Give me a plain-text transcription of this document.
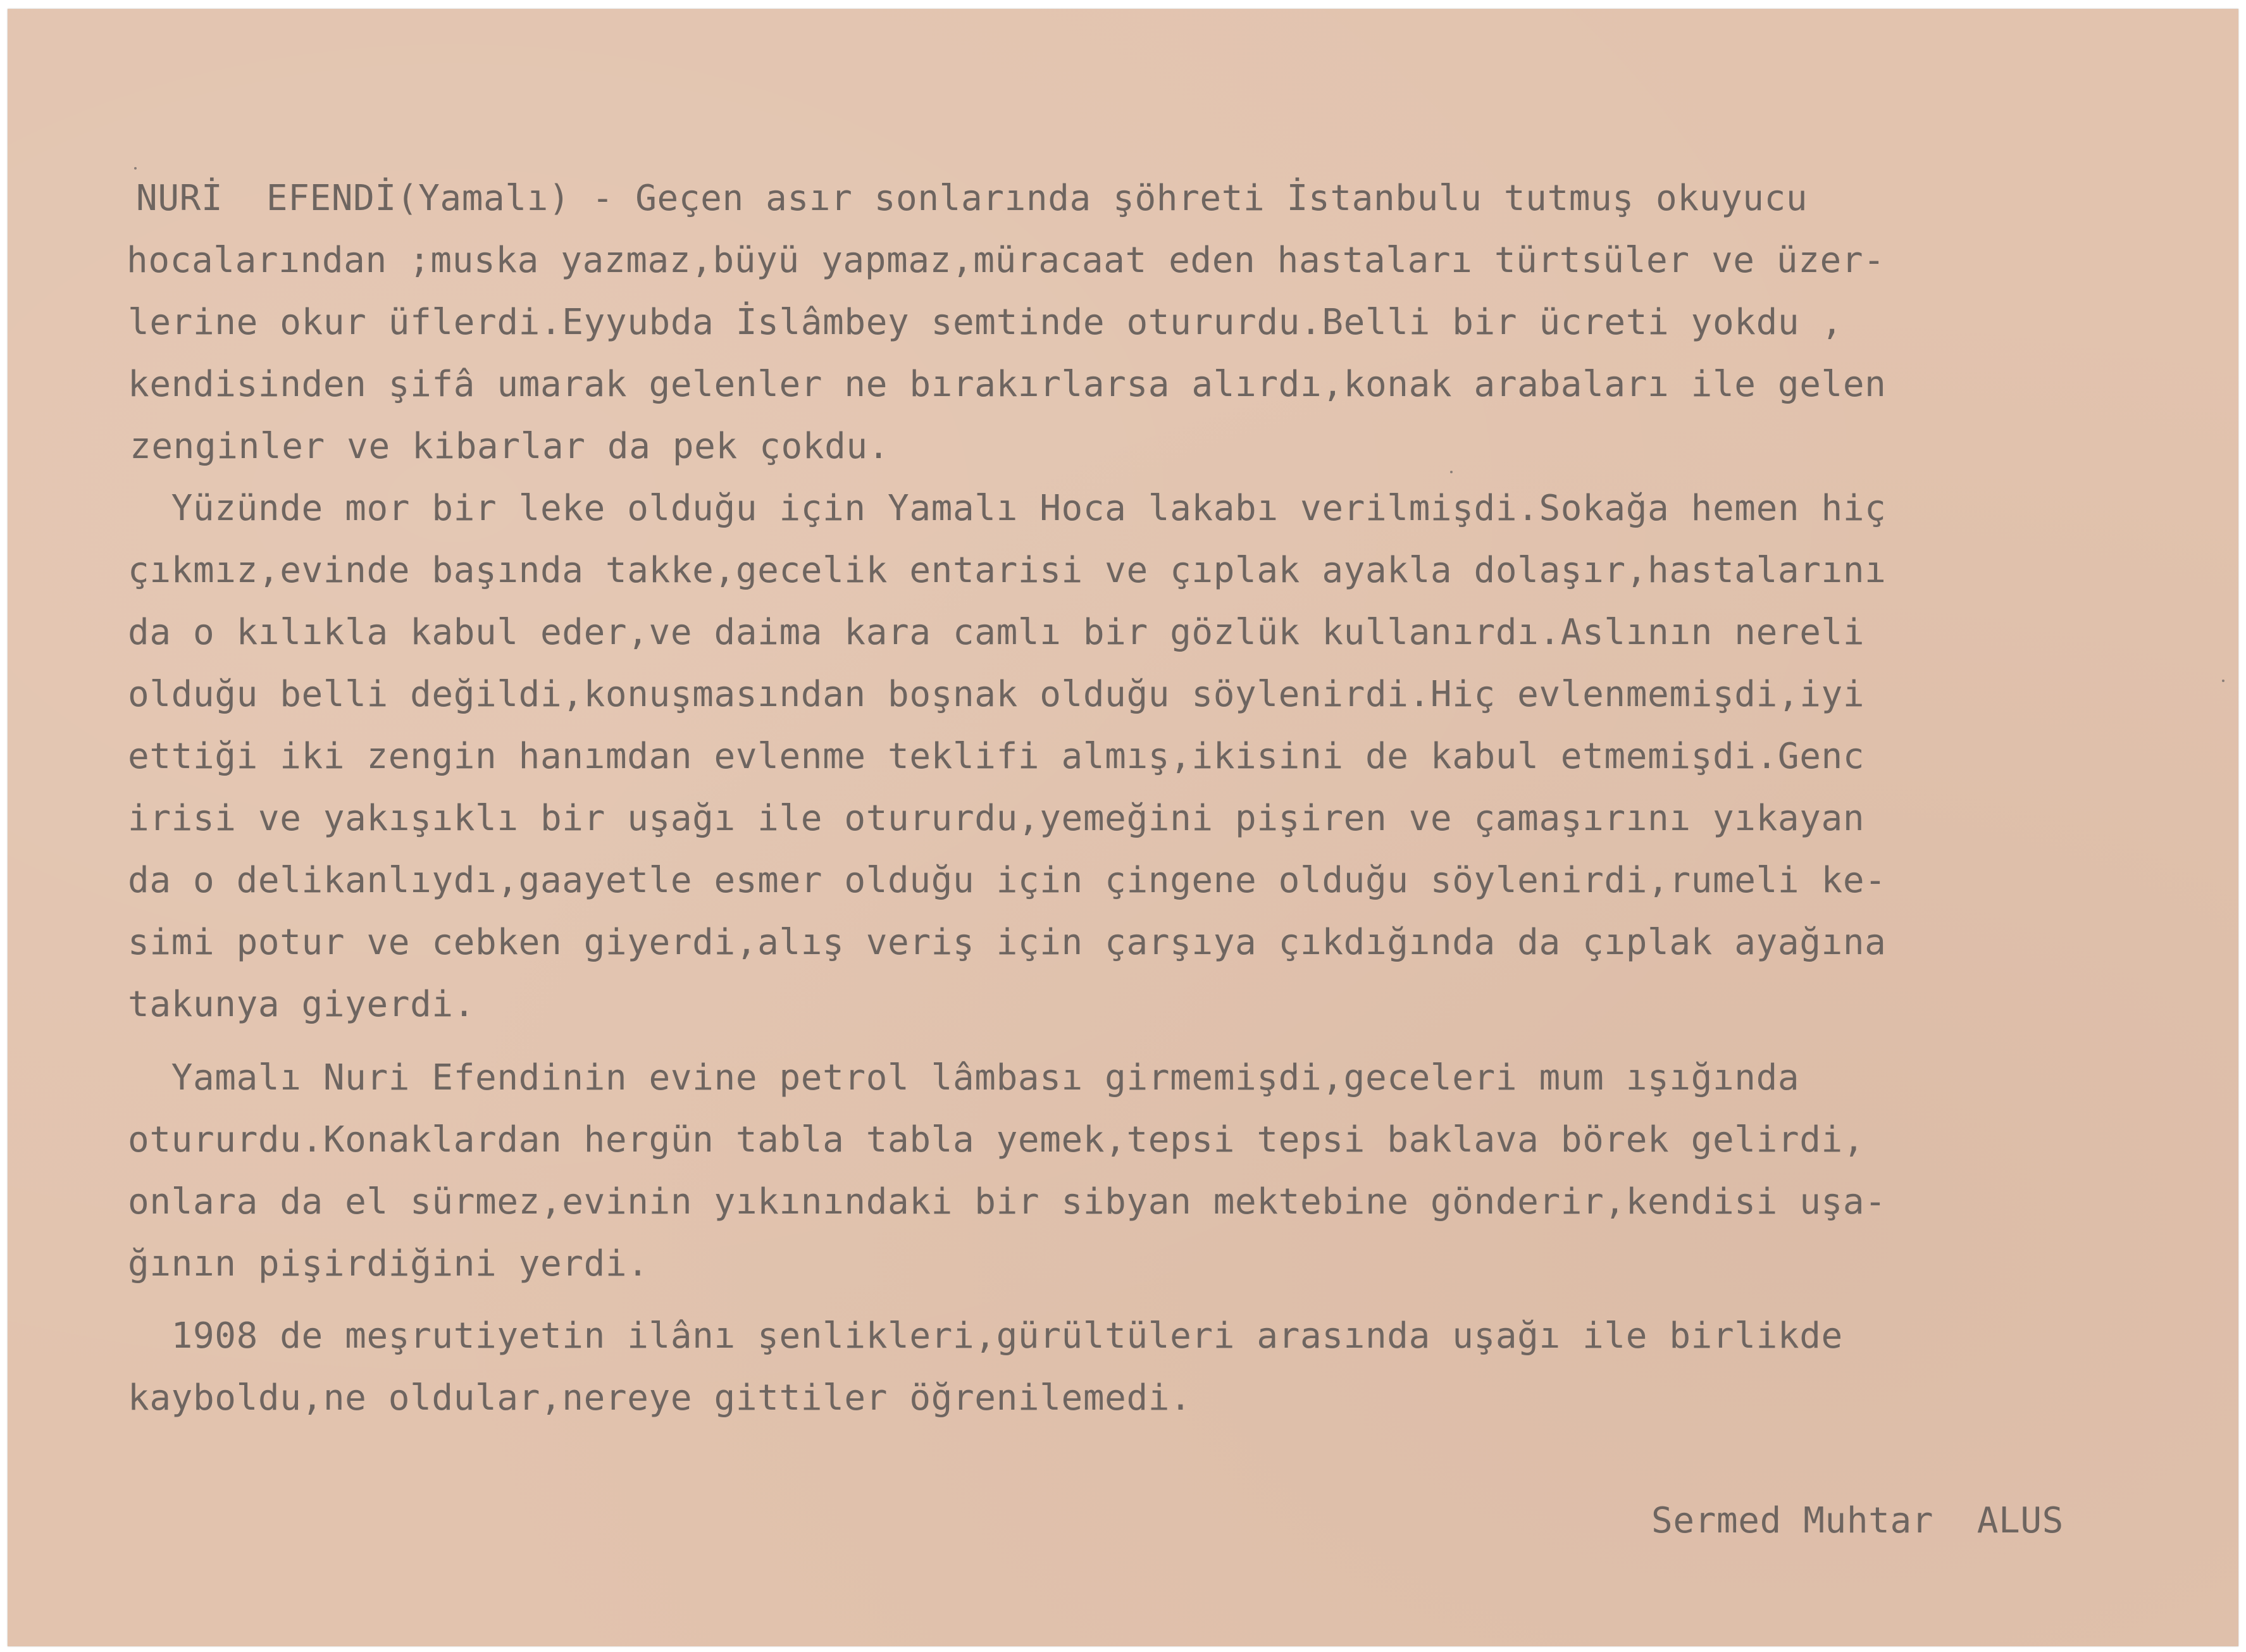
NURİ  EFENDİ(Yamalı) - Geçen asır sonlarında şöhreti İstanbulu tutmuş okuyucu

hocalarından ;muska yazmaz,büyü yapmaz,müracaat eden hastaları türtsüler ve üzer-

lerine okur üflerdi.Eyyubda İslâmbey semtinde otururdu.Belli bir ücreti yokdu ,

kendisinden şifâ umarak gelenler ne bırakırlarsa alırdı,konak arabaları ile gelen

zenginler ve kibarlar da pek çokdu.

Yüzünde mor bir leke olduğu için Yamalı Hoca lakabı verilmişdi.Sokağa hemen hiç

çıkmız,evinde başında takke,gecelik entarisi ve çıplak ayakla dolaşır,hastalarını

da o kılıkla kabul eder,ve daima kara camlı bir gözlük kullanırdı.Aslının nereli

olduğu belli değildi,konuşmasından boşnak olduğu söylenirdi.Hiç evlenmemişdi,iyi

ettiği iki zengin hanımdan evlenme teklifi almış,ikisini de kabul etmemişdi.Genc

irisi ve yakışıklı bir uşağı ile otururdu,yemeğini pişiren ve çamaşırını yıkayan

da o delikanlıydı,gaayetle esmer olduğu için çingene olduğu söylenirdi,rumeli ke-

simi potur ve cebken giyerdi,alış veriş için çarşıya çıkdığında da çıplak ayağına

takunya giyerdi.

Yamalı Nuri Efendinin evine petrol lâmbası girmemişdi,geceleri mum ışığında

otururdu.Konaklardan hergün tabla tabla yemek,tepsi tepsi baklava börek gelirdi,

onlara da el sürmez,evinin yıkınındaki bir sibyan mektebine gönderir,kendisi uşa-

ğının pişirdiğini yerdi.

1908 de meşrutiyetin ilânı şenlikleri,gürültüleri arasında uşağı ile birlikde

kayboldu,ne oldular,nereye gittiler öğrenilemedi.

Sermed Muhtar  ALUS
